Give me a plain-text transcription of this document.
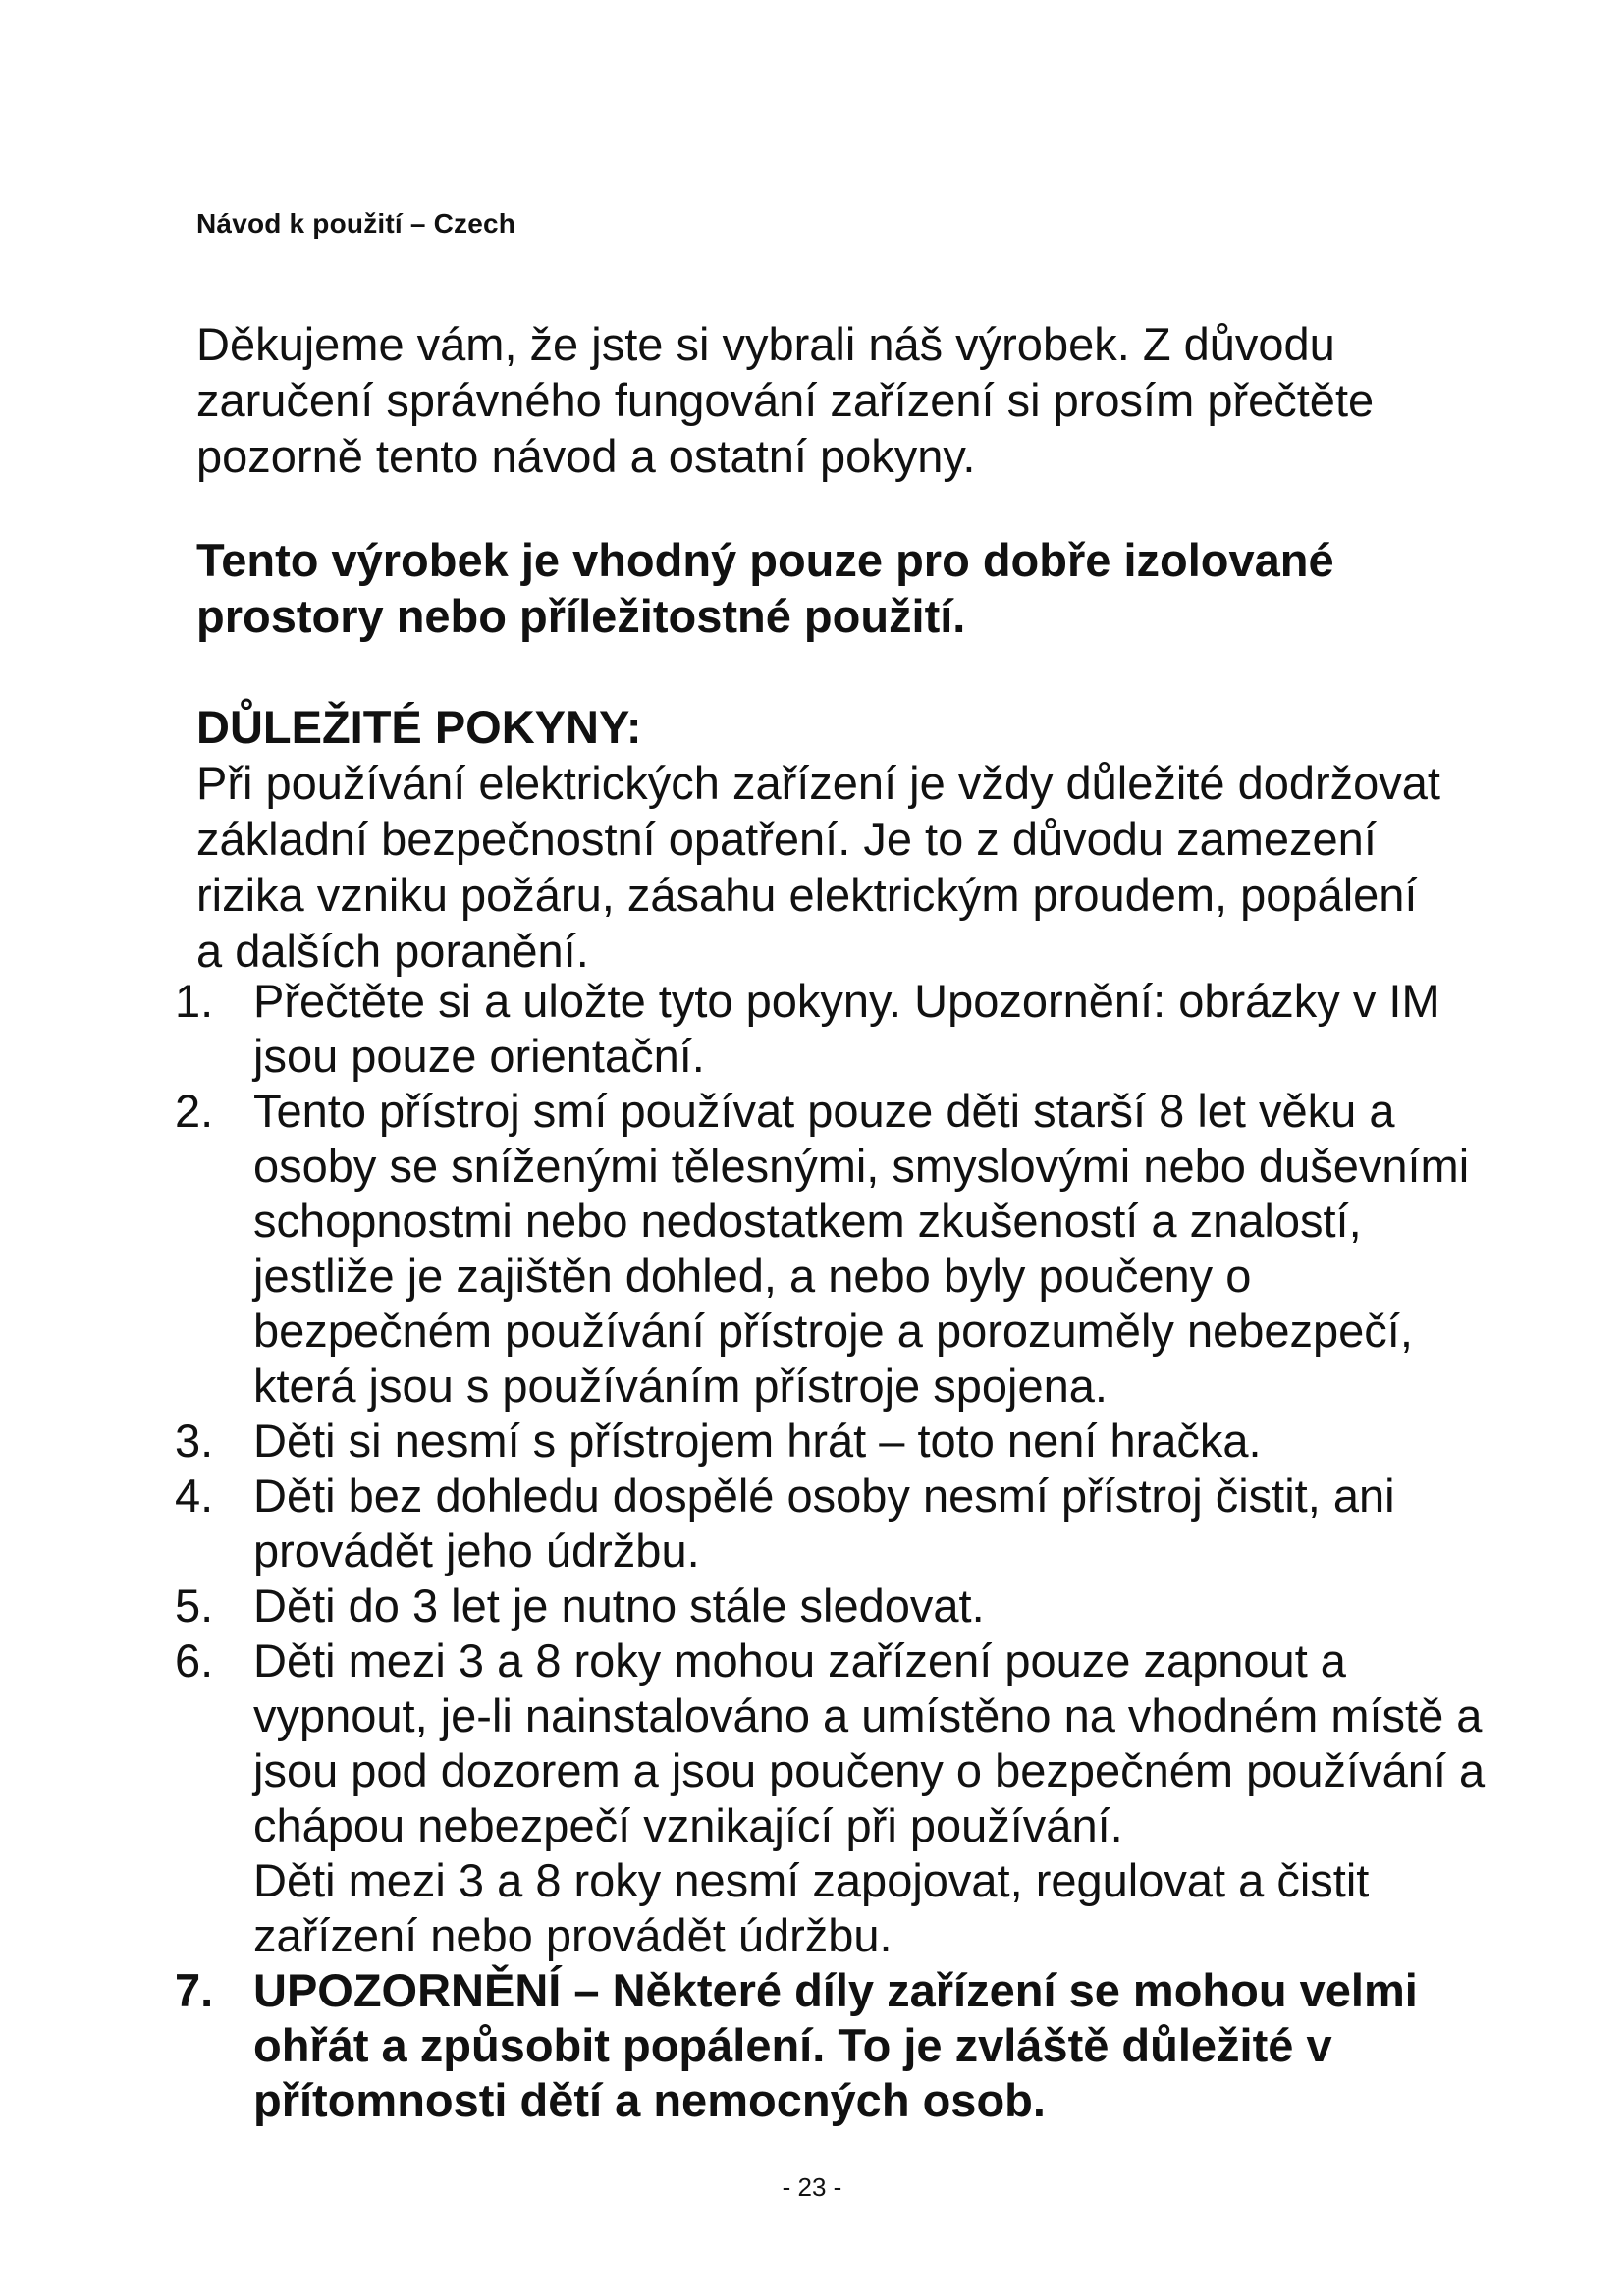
Návod k použití – Czech
Děkujeme vám, že jste si vybrali náš výrobek. Z důvodu zaručení správného fungování zařízení si prosím přečtěte pozorně tento návod a ostatní pokyny.
Tento výrobek je vhodný pouze pro dobře izolované prostory nebo příležitostné použití.

DŮLEŽITÉ POKYNY:

Při používání elektrických zařízení je vždy důležité dodržovat základní bezpečnostní opatření. Je to z důvodu zamezení rizika vzniku požáru, zásahu elektrickým proudem, popálení a dalších poranění.

1. Přečtěte si a uložte tyto pokyny. Upozornění: obrázky v IM jsou pouze orientační.
2. Tento přístroj smí používat pouze děti starší 8 let věku a osoby se sníženými tělesnými, smyslovými nebo duševními schopnostmi nebo nedostatkem zkušeností a znalostí, jestliže je zajištěn dohled, a nebo byly poučeny o bezpečném používání přístroje a porozuměly nebezpečí, která jsou s používáním přístroje spojena.
3. Děti si nesmí s přístrojem hrát – toto není hračka.
4. Děti bez dohledu dospělé osoby nesmí přístroj čistit, ani provádět jeho údržbu.
5. Děti do 3 let je nutno stále sledovat.
6. Děti mezi 3 a 8 roky mohou zařízení pouze zapnout a vypnout, je-li nainstalováno a umístěno na vhodném místě a jsou pod dozorem a jsou poučeny o bezpečném používání a chápou nebezpečí vznikající při používání.
Děti mezi 3 a 8 roky nesmí zapojovat, regulovat a čistit zařízení nebo provádět údržbu.
7. UPOZORNĚNÍ – Některé díly zařízení se mohou velmi ohřát a způsobit popálení. To je zvláště důležité v přítomnosti dětí a nemocných osob.
- 23 -
